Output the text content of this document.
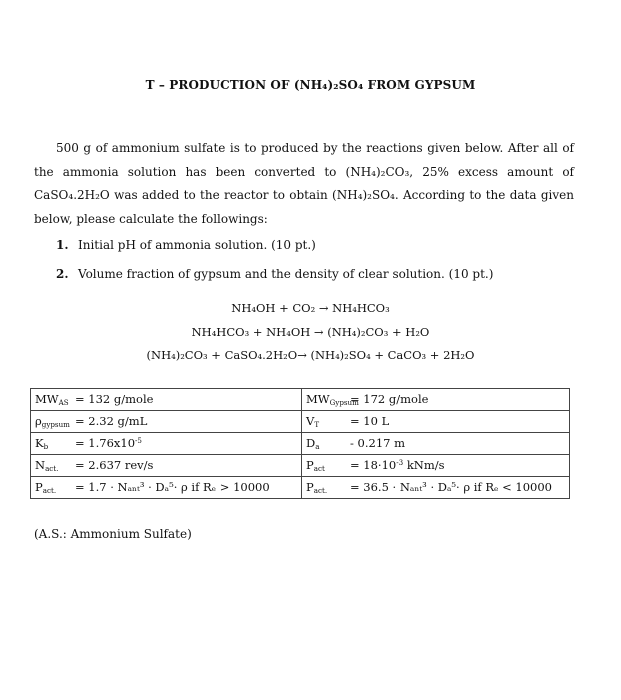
T – PRODUCTION OF (NH₄)₂SO₄ FROM GYPSUM
500 g of ammonium sulfate is to produced by the reactions given below. After all of the ammonia solution has been converted to (NH₄)₂CO₃, 25% excess amount of CaSO₄.2H₂O was added to the reactor to obtain (NH₄)₂SO₄. According to the data given below, please calculate the followings:
1. Initial pH of ammonia solution. (10 pt.)
2. Volume fraction of gypsum and the density of clear solution. (10 pt.)
NH₄OH + CO₂ → NH₄HCO₃
NH₄HCO₃ + NH₄OH → (NH₄)₂CO₃ + H₂O
(NH₄)₂CO₃ + CaSO₄.2H₂O→ (NH₄)₂SO₄ + CaCO₃ + 2H₂O
$MW_{AS} = 132$ g/mole	$MW_{Gypsum}= 172$ g/mole
$\rho_{gypsum} = 2.32$ g/mL	$V_T = 10$ L
$K_b = 1.76x10^{-5}$	$D_a - 0.217$ m
$N_{act.} = 2.637$ rev/s	$P_{act} = 18\cdot 10^{-3}$ kNm/s
$P_{act.} = 1.7 \cdot N_{ant}^3 \cdot D_a^5\cdot \rho$ if Rₑ > 10000	$P_{act.} = 36.5 \cdot N_{ant}^3 \cdot D_a^5\cdot \rho$ if Rₑ < 10000
(A.S.: Ammonium Sulfate)
